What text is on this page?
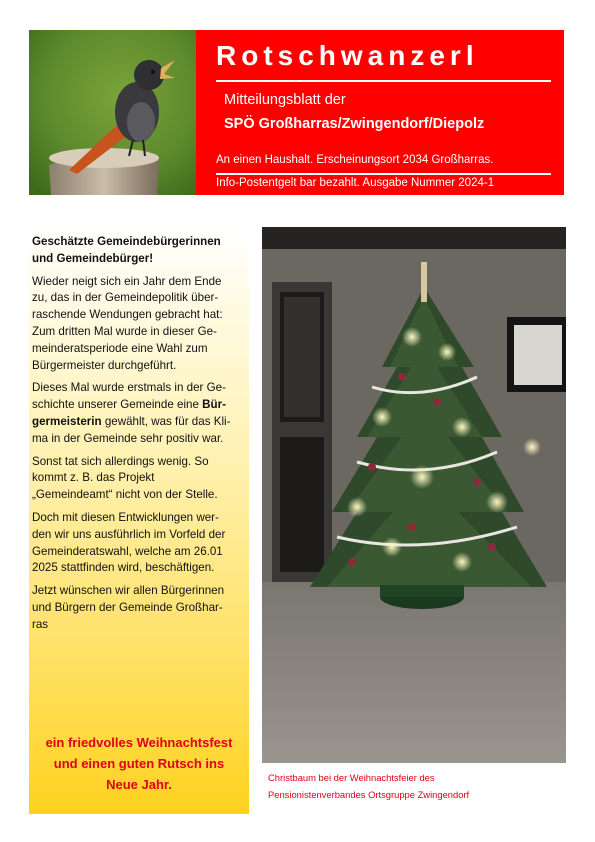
Rotschwanzerl
Mitteilungsblatt der
SPÖ Großharras/Zwingendorf/Diepolz
An einen Haushalt. Erscheinungsort 2034 Großharras.
Info-Postentgelt bar bezahlt. Ausgabe Nummer 2024-1

Geschätzte Gemeindebürgerinnen
und Gemeindebürger!

Wieder neigt sich ein Jahr dem Ende
zu, das in der Gemeindepolitik über-
raschende Wendungen gebracht hat:
Zum dritten Mal wurde in dieser Ge-
meinderatsperiode eine Wahl zum
Bürgermeister durchgeführt.

Dieses Mal wurde erstmals in der Ge-
schichte unserer Gemeinde eine Bür-
germeisterin gewählt, was für das Kli-
ma in der Gemeinde sehr positiv war.

Sonst tat sich allerdings wenig. So
kommt z. B. das Projekt
„Gemeindeamt“ nicht von der Stelle.

Doch mit diesen Entwicklungen wer-
den wir uns ausführlich im Vorfeld der
Gemeinderatswahl, welche am 26.01
2025 stattfinden wird, beschäftigen.

Jetzt wünschen wir allen Bürgerinnen
und Bürgern der Gemeinde Großhar-
ras

ein friedvolles Weihnachtsfest
und einen guten Rutsch ins
Neue Jahr.	Christbaum bei der Weihnachtsfeier des
Pensionistenverbandes Ortsgruppe Zwingendorf
